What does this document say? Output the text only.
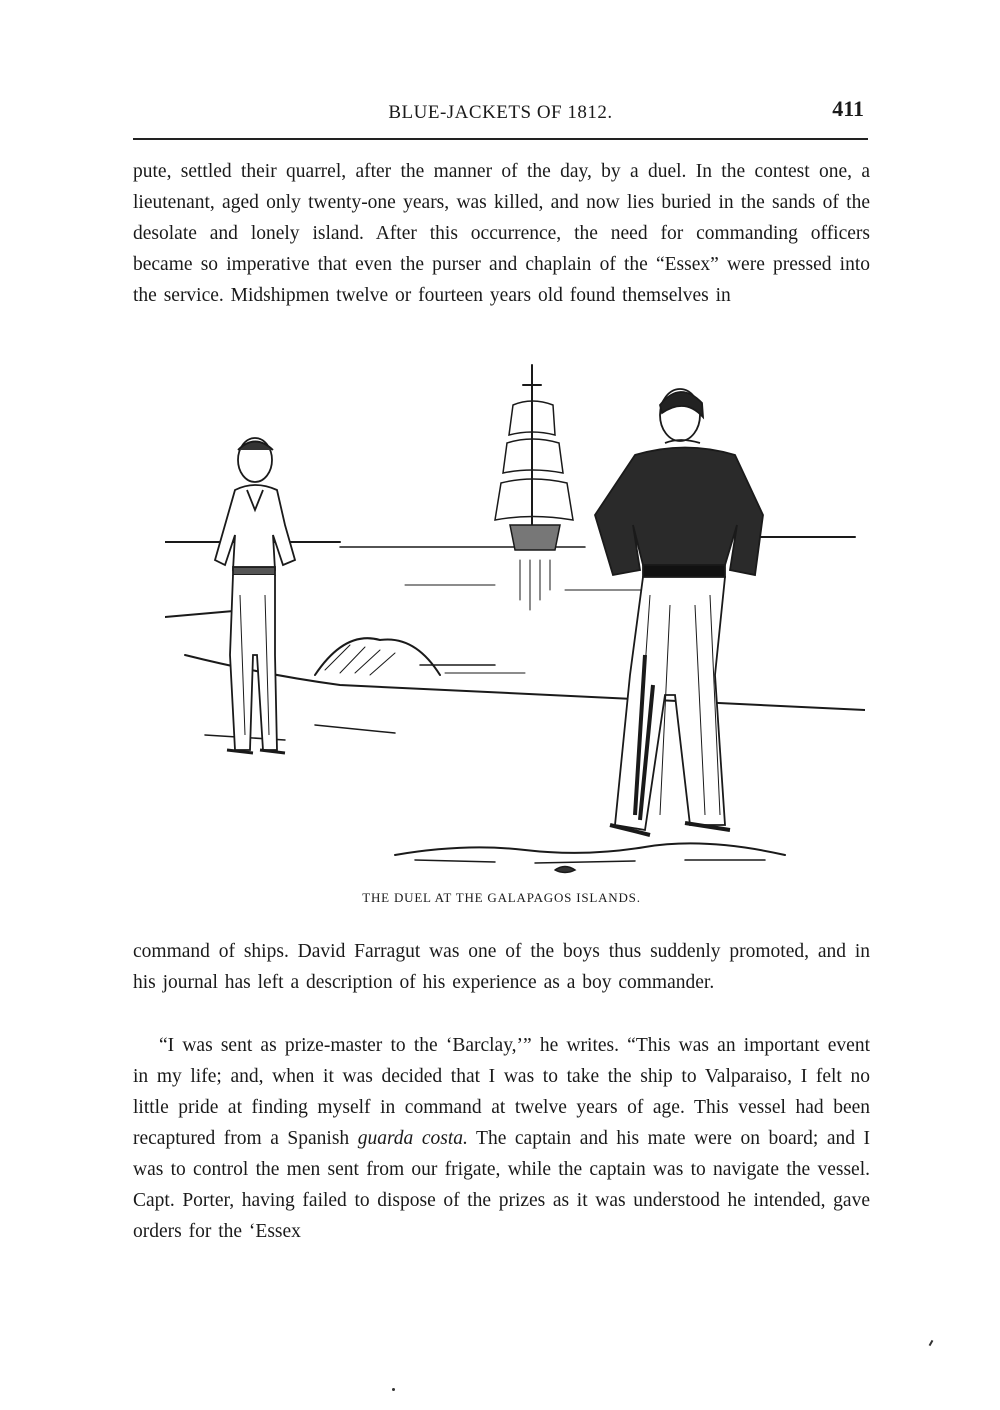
BLUE-JACKETS OF 1812.	411

pute, settled their quarrel, after the manner of the day, by a duel. In the contest one, a lieutenant, aged only twenty-one years, was killed, and now lies buried in the sands of the desolate and lonely island. After this occurrence, the need for commanding officers became so imperative that even the purser and chaplain of the “Essex” were pressed into the service. Midshipmen twelve or fourteen years old found themselves in

THE DUEL AT THE GALAPAGOS ISLANDS.

command of ships. David Farragut was one of the boys thus suddenly promoted, and in his journal has left a description of his experience as a boy commander.

“I was sent as prize-master to the ‘Barclay,’” he writes. “This was an important event in my life; and, when it was decided that I was to take the ship to Valparaiso, I felt no little pride at finding myself in command at twelve years of age. This vessel had been recaptured from a Spanish guarda costa. The captain and his mate were on board; and I was to control the men sent from our frigate, while the captain was to navigate the vessel. Capt. Porter, having failed to dispose of the prizes as it was understood he intended, gave orders for the ‘Essex
